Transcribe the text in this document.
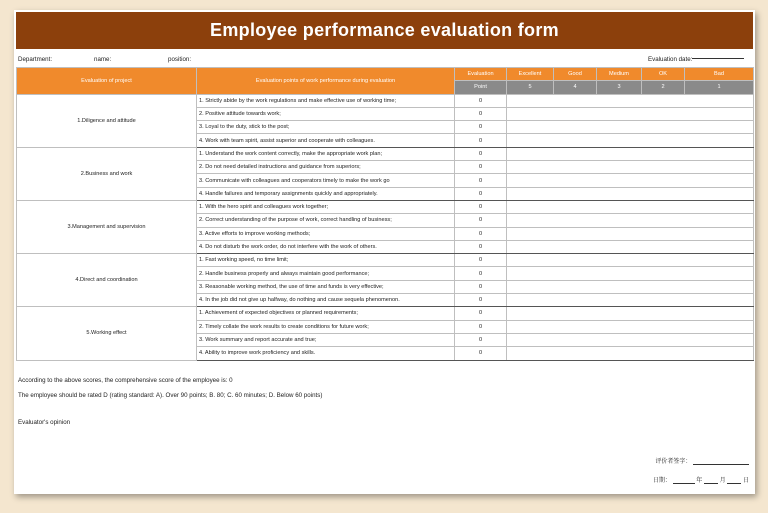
Employee performance evaluation form
Department:	name:	position:	Evaluation date:
Evaluation of project	Evaluation points of work performance during evaluation	Evaluation	Excellent	Good	Medium	OK	Bad
		Point	5	4	3	2	1
1.Diligence and attitude	1. Strictly abide by the work regulations and make effective use of working time;	0					
	2. Positive attitude towards work;	0					
	3. Loyal to the duty, stick to the post;	0					
	4. Work with team spirit, assist superior and cooperate with colleagues.	0					
2.Business and work	1. Understand the work content correctly, make the appropriate work plan;	0					
	2. Do not need detailed instructions and guidance from superiors;	0					
	3. Communicate with colleagues and cooperators timely to make the work go	0					
	4. Handle failures and temporary assignments quickly and appropriately.	0					
3.Management and supervision	1. With the hero spirit and colleagues work together;	0					
	2. Correct understanding of the purpose of work, correct handling of business;	0					
	3. Active efforts to improve working methods;	0					
	4. Do not disturb the work order, do not interfere with the work of others.	0					
4.Direct and coordination	1. Fast working speed, no time limit;	0					
	2. Handle business properly and always maintain good performance;	0					
	3. Reasonable working method, the use of time and funds is very effective;	0					
	4. In the job did not give up halfway, do nothing and cause sequela phenomenon.	0					
5.Working effect	1. Achievement of expected objectives or planned requirements;	0					
	2. Timely collate the work results to create conditions for future work;	0					
	3. Work summary and report accurate and true;	0					
	4. Ability to improve work proficiency and skills.	0					
According to the above scores, the comprehensive score of the employee is: 0
The employee should be rated D (rating standard: A). Over 90 points; B. 80; C. 60 minutes; D. Below 60 points)
Evaluator's opinion
评价者签字：
日期：	年	月	日
